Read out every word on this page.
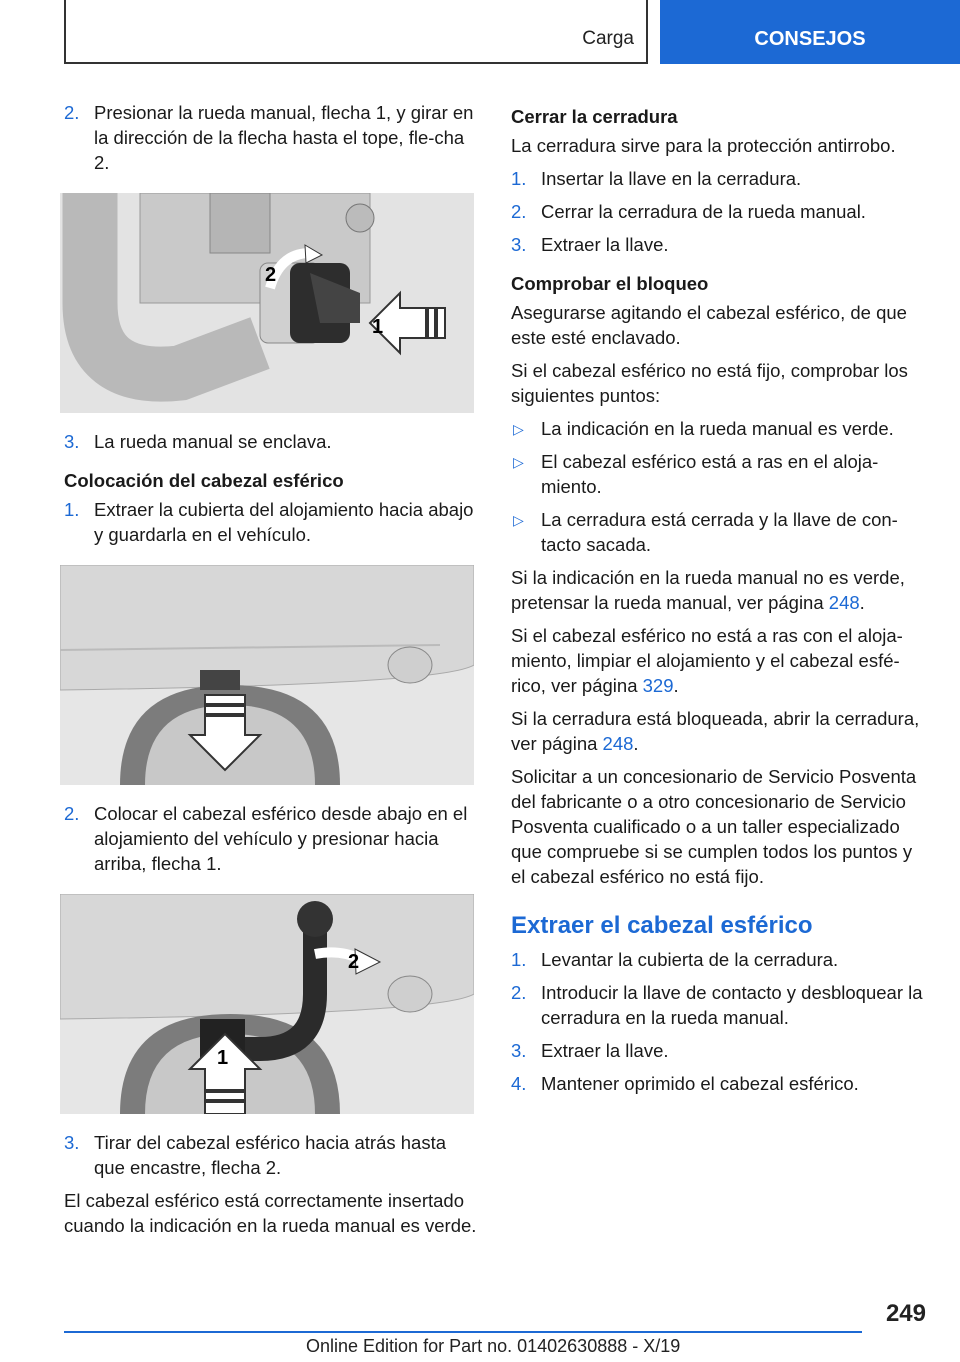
Carga	CONSEJOS
2. Presionar la rueda manual, flecha 1, y girar en la dirección de la flecha hasta el tope, fle‐cha 2.
2
1
3. La rueda manual se enclava.
Colocación del cabezal esférico
1. Extraer la cubierta del alojamiento hacia abajo y guardarla en el vehículo.
2. Colocar el cabezal esférico desde abajo en el alojamiento del vehículo y presionar hacia arriba, flecha 1.
2
1
3. Tirar del cabezal esférico hacia atrás hasta que encastre, flecha 2.
El cabezal esférico está correctamente insertado cuando la indicación en la rueda manual es verde.
Cerrar la cerradura
La cerradura sirve para la protección antirrobo.
1. Insertar la llave en la cerradura.
2. Cerrar la cerradura de la rueda manual.
3. Extraer la llave.
Comprobar el bloqueo
Asegurarse agitando el cabezal esférico, de que este esté enclavado.
Si el cabezal esférico no está fijo, comprobar los siguientes puntos:
▷ La indicación en la rueda manual es verde.
▷ El cabezal esférico está a ras en el aloja‐miento.
▷ La cerradura está cerrada y la llave de con‐tacto sacada.
Si la indicación en la rueda manual no es verde, pretensar la rueda manual, ver página 248.
Si el cabezal esférico no está a ras con el aloja‐miento, limpiar el alojamiento y el cabezal esfé‐rico, ver página 329.
Si la cerradura está bloqueada, abrir la cerradura, ver página 248.
Solicitar a un concesionario de Servicio Posventa del fabricante o a otro concesionario de Servicio Posventa cualificado o a un taller especializado que compruebe si se cumplen todos los puntos y el cabezal esférico no está fijo.
Extraer el cabezal esférico
1. Levantar la cubierta de la cerradura.
2. Introducir la llave de contacto y desbloquear la cerradura en la rueda manual.
3. Extraer la llave.
4. Mantener oprimido el cabezal esférico.
249
Online Edition for Part no. 01402630888 - X/19
